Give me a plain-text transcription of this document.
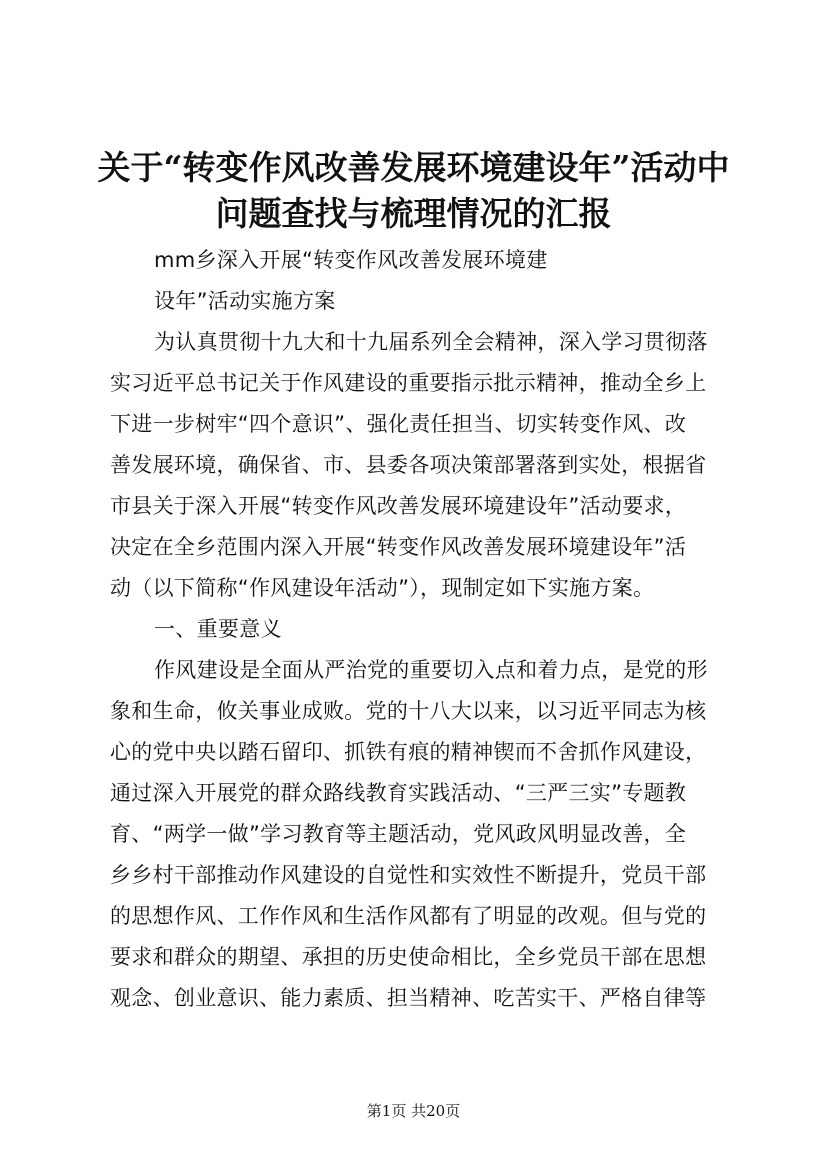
关于“转变作风改善发展环境建设年”活动中
问题查找与梳理情况的汇报
mm乡深入开展“转变作风改善发展环境建
设年”活动实施方案
为认真贯彻十九大和十九届系列全会精神，深入学习贯彻落
实习近平总书记关于作风建设的重要指示批示精神，推动全乡上
下进一步树牢“四个意识”、强化责任担当、切实转变作风、改
善发展环境，确保省、市、县委各项决策部署落到实处，根据省
市县关于深入开展“转变作风改善发展环境建设年”活动要求，
决定在全乡范围内深入开展“转变作风改善发展环境建设年”活
动（以下简称“作风建设年活动”），现制定如下实施方案。
一、重要意义
作风建设是全面从严治党的重要切入点和着力点，是党的形
象和生命，攸关事业成败。党的十八大以来，以习近平同志为核
心的党中央以踏石留印、抓铁有痕的精神锲而不舍抓作风建设，
通过深入开展党的群众路线教育实践活动、“三严三实”专题教
育、“两学一做”学习教育等主题活动，党风政风明显改善，全
乡乡村干部推动作风建设的自觉性和实效性不断提升，党员干部
的思想作风、工作作风和生活作风都有了明显的改观。但与党的
要求和群众的期望、承担的历史使命相比，全乡党员干部在思想
观念、创业意识、能力素质、担当精神、吃苦实干、严格自律等
第1页 共20页
